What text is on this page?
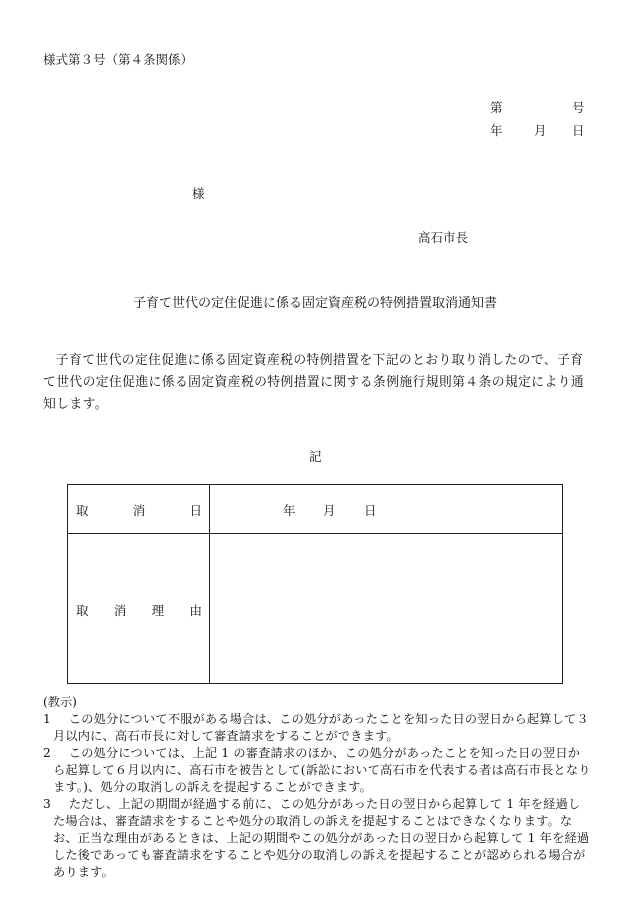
様式第３号（第４条関係）
第	号
年	月 日
様
高石市長
子育て世代の定住促進に係る固定資産税の特例措置取消通知書
子育て世代の定住促進に係る固定資産税の特例措置を下記のとおり取り消したので、子育て世代の定住促進に係る固定資産税の特例措置に関する条例施行規則第４条の規定により通知します。
記
取	消	日	年 月 日
取 消 理 由

(教示)

1	この処分について不服がある場合は、この処分があったことを知った日の翌日から起算して３月以内に、高石市長に対して審査請求をすることができます。

2	この処分については、上記 1 の審査請求のほか、この処分があったことを知った日の翌日から起算して６月以内に、高石市を被告として(訴訟において高石市を代表する者は高石市長となります。)、処分の取消しの訴えを提起することができます。

3	ただし、上記の期間が経過する前に、この処分があった日の翌日から起算して 1 年を経過した場合は、審査請求をすることや処分の取消しの訴えを提起することはできなくなります。なお、正当な理由があるときは、上記の期間やこの処分があった日の翌日から起算して 1 年を経過した後であっても審査請求をすることや処分の取消しの訴えを提起することが認められる場合があります。
